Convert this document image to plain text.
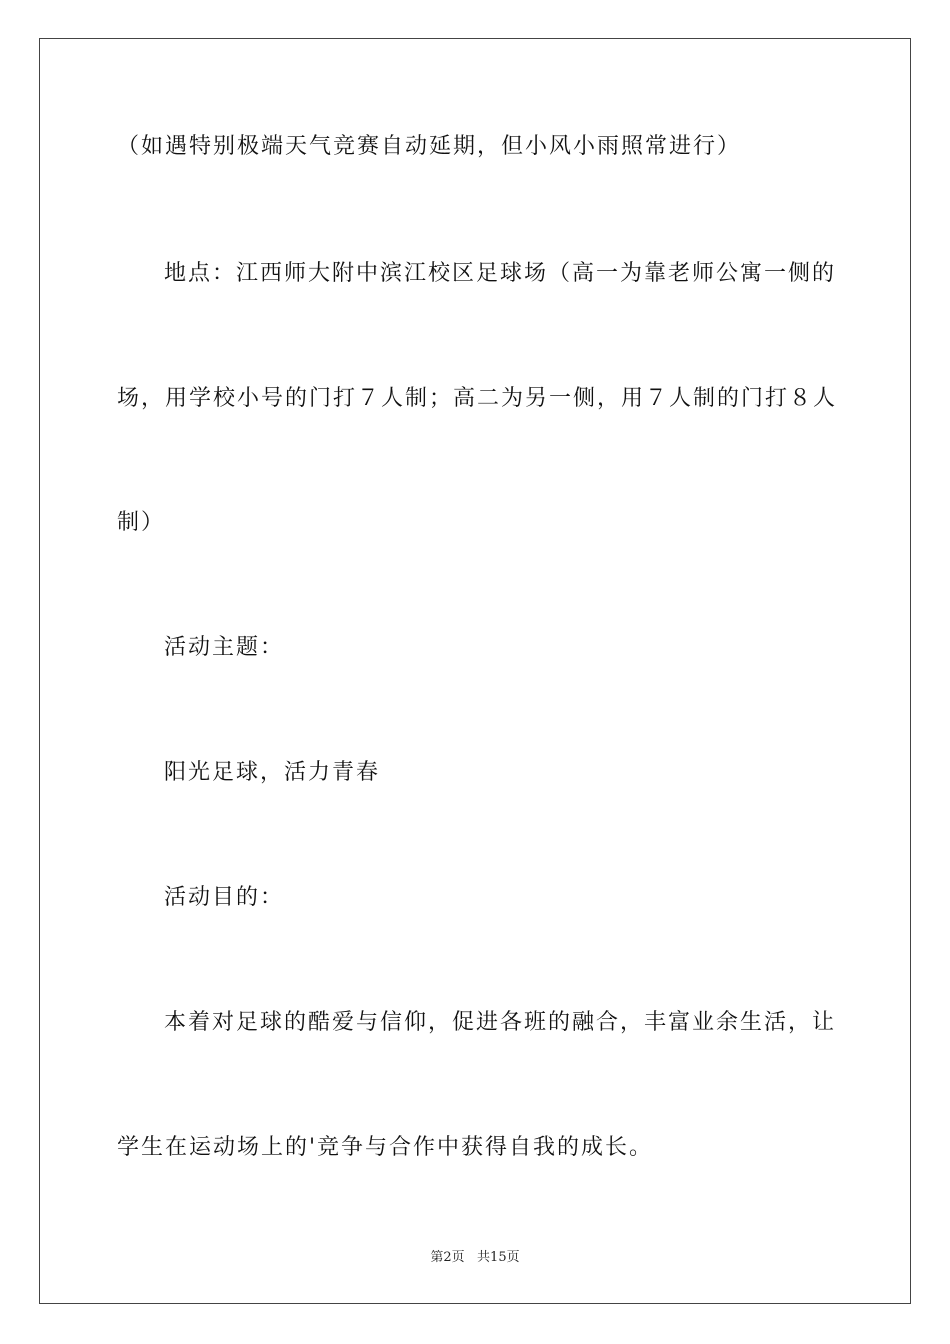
（如遇特别极端天气竞赛自动延期，但小风小雨照常进行）
地点：江西师大附中滨江校区足球场（高一为靠老师公寓一侧的
场，用学校小号的门打７人制；高二为另一侧，用７人制的门打８人
制）
活动主题：
阳光足球，活力青春
活动目的：
本着对足球的酷爱与信仰，促进各班的融合，丰富业余生活，让
学生在运动场上的'竞争与合作中获得自我的成长。
第2页   共15页
